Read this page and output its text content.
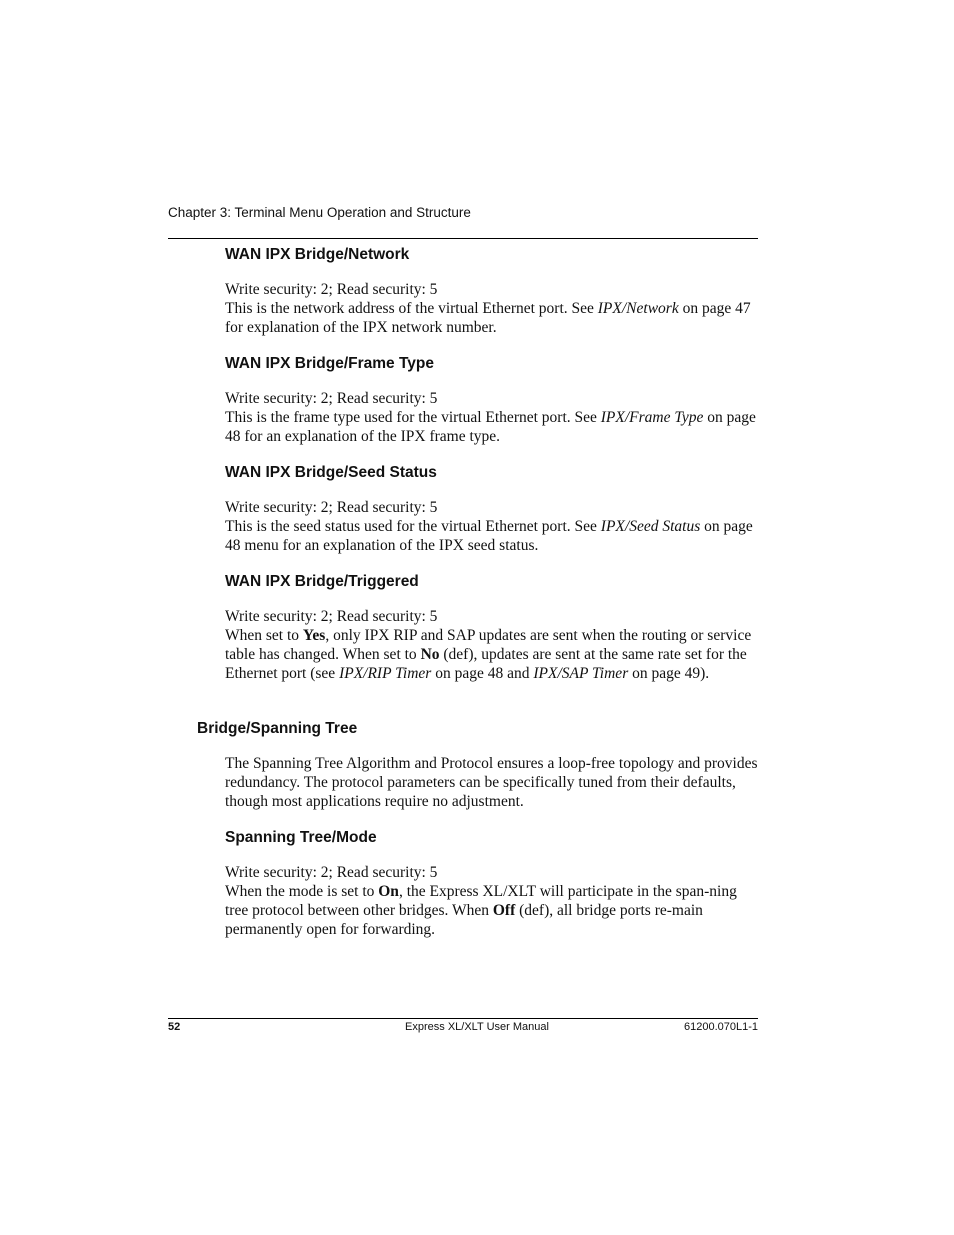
Chapter 3: Terminal Menu Operation and Structure
WAN IPX Bridge/Network

Write security: 2; Read security: 5

This is the network address of the virtual Ethernet port. See IPX/Network on page 47 for explanation of the IPX network number.

WAN IPX Bridge/Frame Type

Write security: 2; Read security: 5

This is the frame type used for the virtual Ethernet port. See IPX/Frame Type on page 48 for an explanation of the IPX frame type.

WAN IPX Bridge/Seed Status

Write security: 2; Read security: 5

This is the seed status used for the virtual Ethernet port. See IPX/Seed Status on page 48 menu for an explanation of the IPX seed status.

WAN IPX Bridge/Triggered

Write security: 2; Read security: 5

When set to Yes, only IPX RIP and SAP updates are sent when the routing or service table has changed. When set to No (def), updates are sent at the same rate set for the Ethernet port (see IPX/RIP Timer on page 48 and IPX/SAP Timer on page 49).

Bridge/Spanning Tree

The Spanning Tree Algorithm and Protocol ensures a loop-free topology and provides redundancy. The protocol parameters can be specifically tuned from their defaults, though most applications require no adjustment.

Spanning Tree/Mode

Write security: 2; Read security: 5

When the mode is set to On, the Express XL/XLT will participate in the span-ning tree protocol between other bridges. When Off (def), all bridge ports re-main permanently open for forwarding.

52	Express XL/XLT User Manual	61200.070L1-1
